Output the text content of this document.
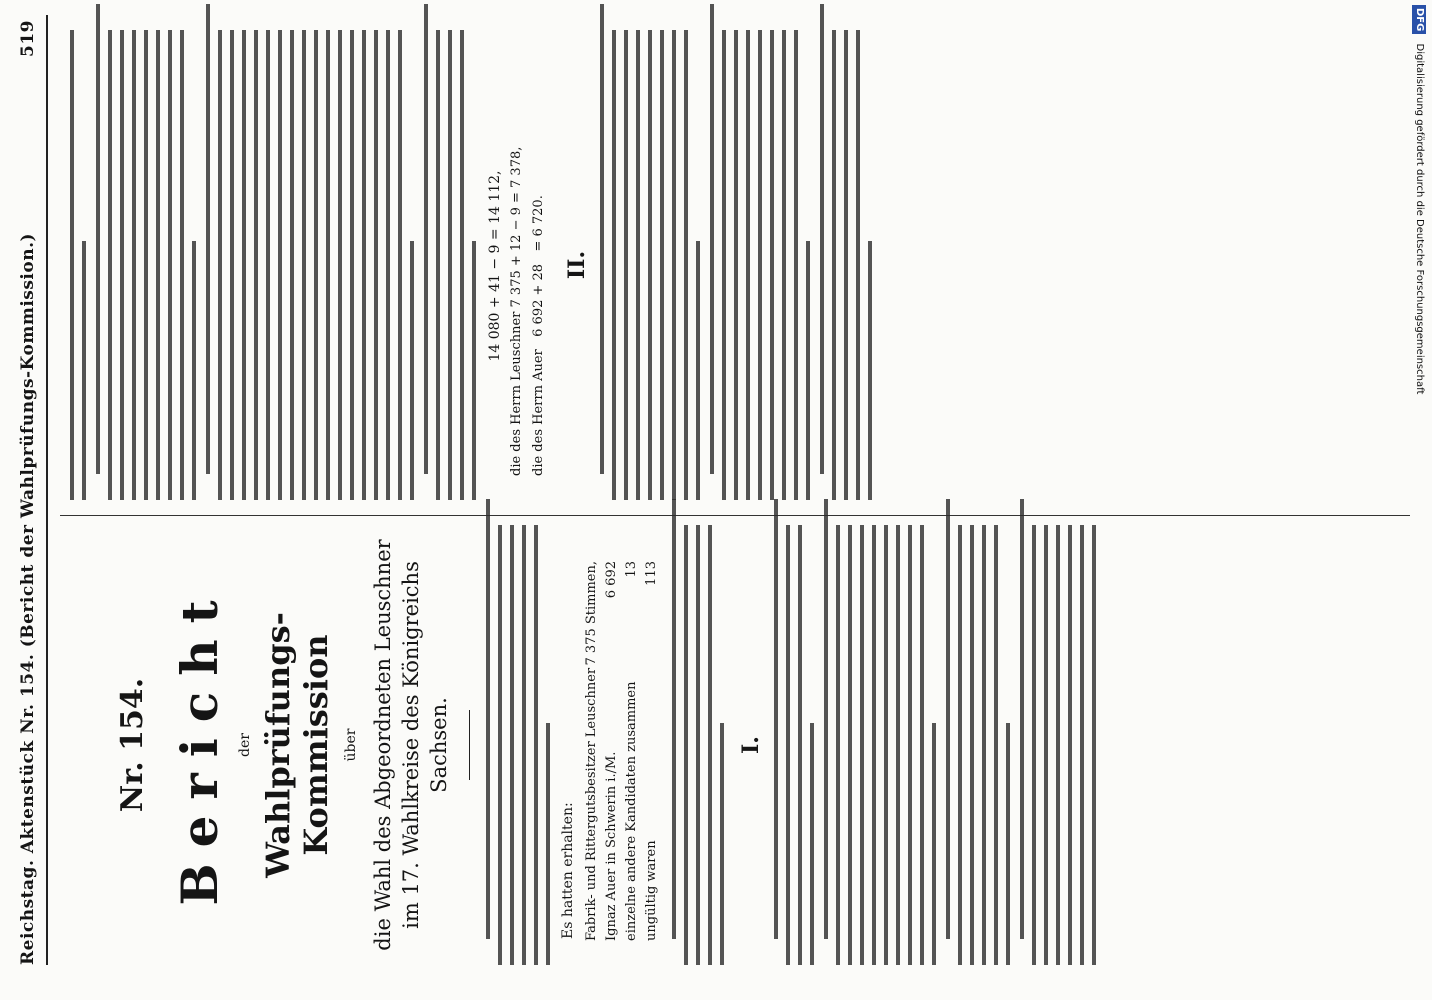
Reichstag. Aktenstück Nr. 154. (Bericht der Wahlprüfungs-Kommission.)
519
Nr. 154. Bericht der Wahlprüfungs-Kommission über die Wahl des Abgeordneten Leuschner im 17. Wahlkreise des Königreichs Sachsen.
Es hatten erhalten: Fabrik- und Rittergutsbesitzer Leuschner
7 375 Stimmen,
Ignaz Auer in Schwerin i./M.
6 692
einzelne andere Kandidaten zusammen
13
ungültig waren
113
I.
14 080 + 41 − 9 = 14 112, die des Herrn Leuschner 7 375 + 12 − 9 = 7 378, die des Herrn Auer   6 692 + 28   = 6 720. II.
DFG Digitalisierung gefördert durch die Deutsche Forschungsgemeinschaft
